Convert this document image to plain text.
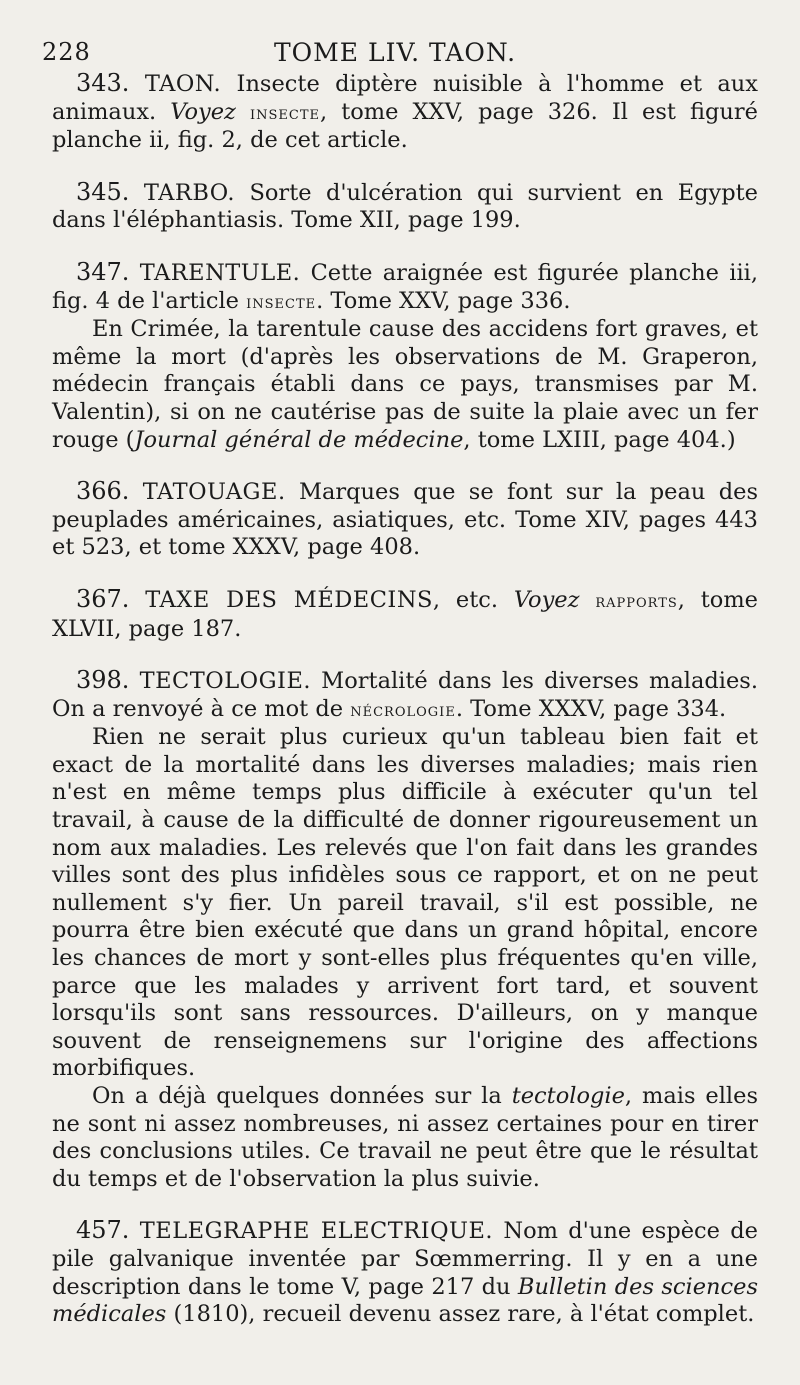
228	TOME LIV. TAON.

343. TAON. Insecte diptère nuisible à l'homme et aux animaux. Voyez insecte, tome XXV, page 326. Il est figuré planche ii, fig. 2, de cet article.

345. TARBO. Sorte d'ulcération qui survient en Egypte dans l'éléphantiasis. Tome XII, page 199.

347. TARENTULE. Cette araignée est figurée planche iii, fig. 4 de l'article insecte. Tome XXV, page 336.

En Crimée, la tarentule cause des accidens fort graves, et même la mort (d'après les observations de M. Graperon, médecin français établi dans ce pays, transmises par M. Valentin), si on ne cautérise pas de suite la plaie avec un fer rouge (Journal général de médecine, tome LXIII, page 404.)

366. TATOUAGE. Marques que se font sur la peau des peuplades américaines, asiatiques, etc. Tome XIV, pages 443 et 523, et tome XXXV, page 408.

367. TAXE DES MÉDECINS, etc. Voyez rapports, tome XLVII, page 187.

398. TECTOLOGIE. Mortalité dans les diverses maladies. On a renvoyé à ce mot de nécrologie. Tome XXXV, page 334.

Rien ne serait plus curieux qu'un tableau bien fait et exact de la mortalité dans les diverses maladies; mais rien n'est en même temps plus difficile à exécuter qu'un tel travail, à cause de la difficulté de donner rigoureusement un nom aux maladies. Les relevés que l'on fait dans les grandes villes sont des plus infidèles sous ce rapport, et on ne peut nullement s'y fier. Un pareil travail, s'il est possible, ne pourra être bien exécuté que dans un grand hôpital, encore les chances de mort y sont-elles plus fréquentes qu'en ville, parce que les malades y arrivent fort tard, et souvent lorsqu'ils sont sans ressources. D'ailleurs, on y manque souvent de renseignemens sur l'origine des affections morbifiques.

On a déjà quelques données sur la tectologie, mais elles ne sont ni assez nombreuses, ni assez certaines pour en tirer des conclusions utiles. Ce travail ne peut être que le résultat du temps et de l'observation la plus suivie.

457. TELEGRAPHE ELECTRIQUE. Nom d'une espèce de pile galvanique inventée par Sœmmerring. Il y en a une description dans le tome V, page 217 du Bulletin des sciences médicales (1810), recueil devenu assez rare, à l'état complet.
